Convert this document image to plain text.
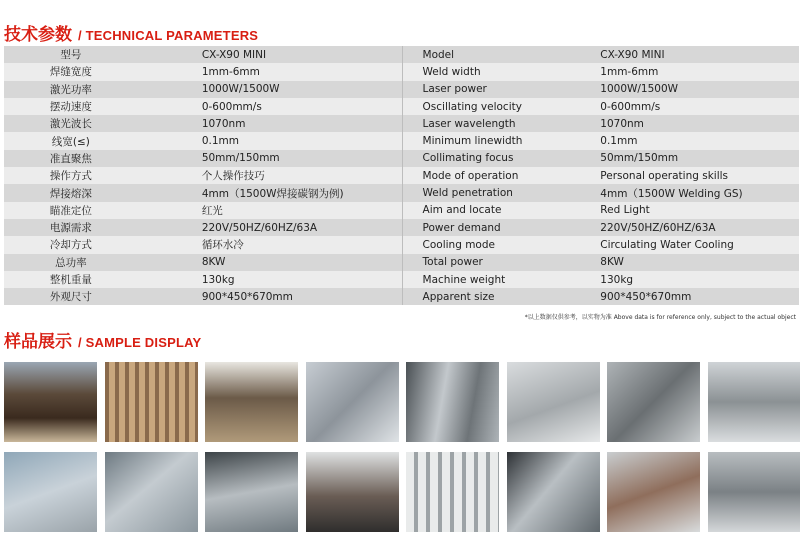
技术参数 / TECHNICAL PARAMETERS
型号	CX-X90 MINI	Model	CX-X90 MINI
焊缝宽度	1mm-6mm	Weld width	1mm-6mm
激光功率	1000W/1500W	Laser power	1000W/1500W
摆动速度	0-600mm/s	Oscillating velocity	0-600mm/s
激光波长	1070nm	Laser wavelength	1070nm
线宽(≤)	0.1mm	Minimum linewidth	0.1mm
准直聚焦	50mm/150mm	Collimating focus	50mm/150mm
操作方式	个人操作技巧	Mode of operation	Personal operating skills
焊接熔深	4mm（1500W焊接碳钢为例)	Weld penetration	4mm（1500W Welding GS)
瞄准定位	红光	Aim and locate	Red Light
电源需求	220V/50HZ/60HZ/63A	Power demand	220V/50HZ/60HZ/63A
冷却方式	循环水冷	Cooling mode	Circulating Water Cooling
总功率	8KW	Total power	8KW
整机重量	130kg	Machine weight	130kg
外观尺寸	900*450*670mm	Apparent size	900*450*670mm
*以上数据仅供参考，以实物为准 Above data is for reference only, subject to the actual object
样品展示 / SAMPLE DISPLAY
